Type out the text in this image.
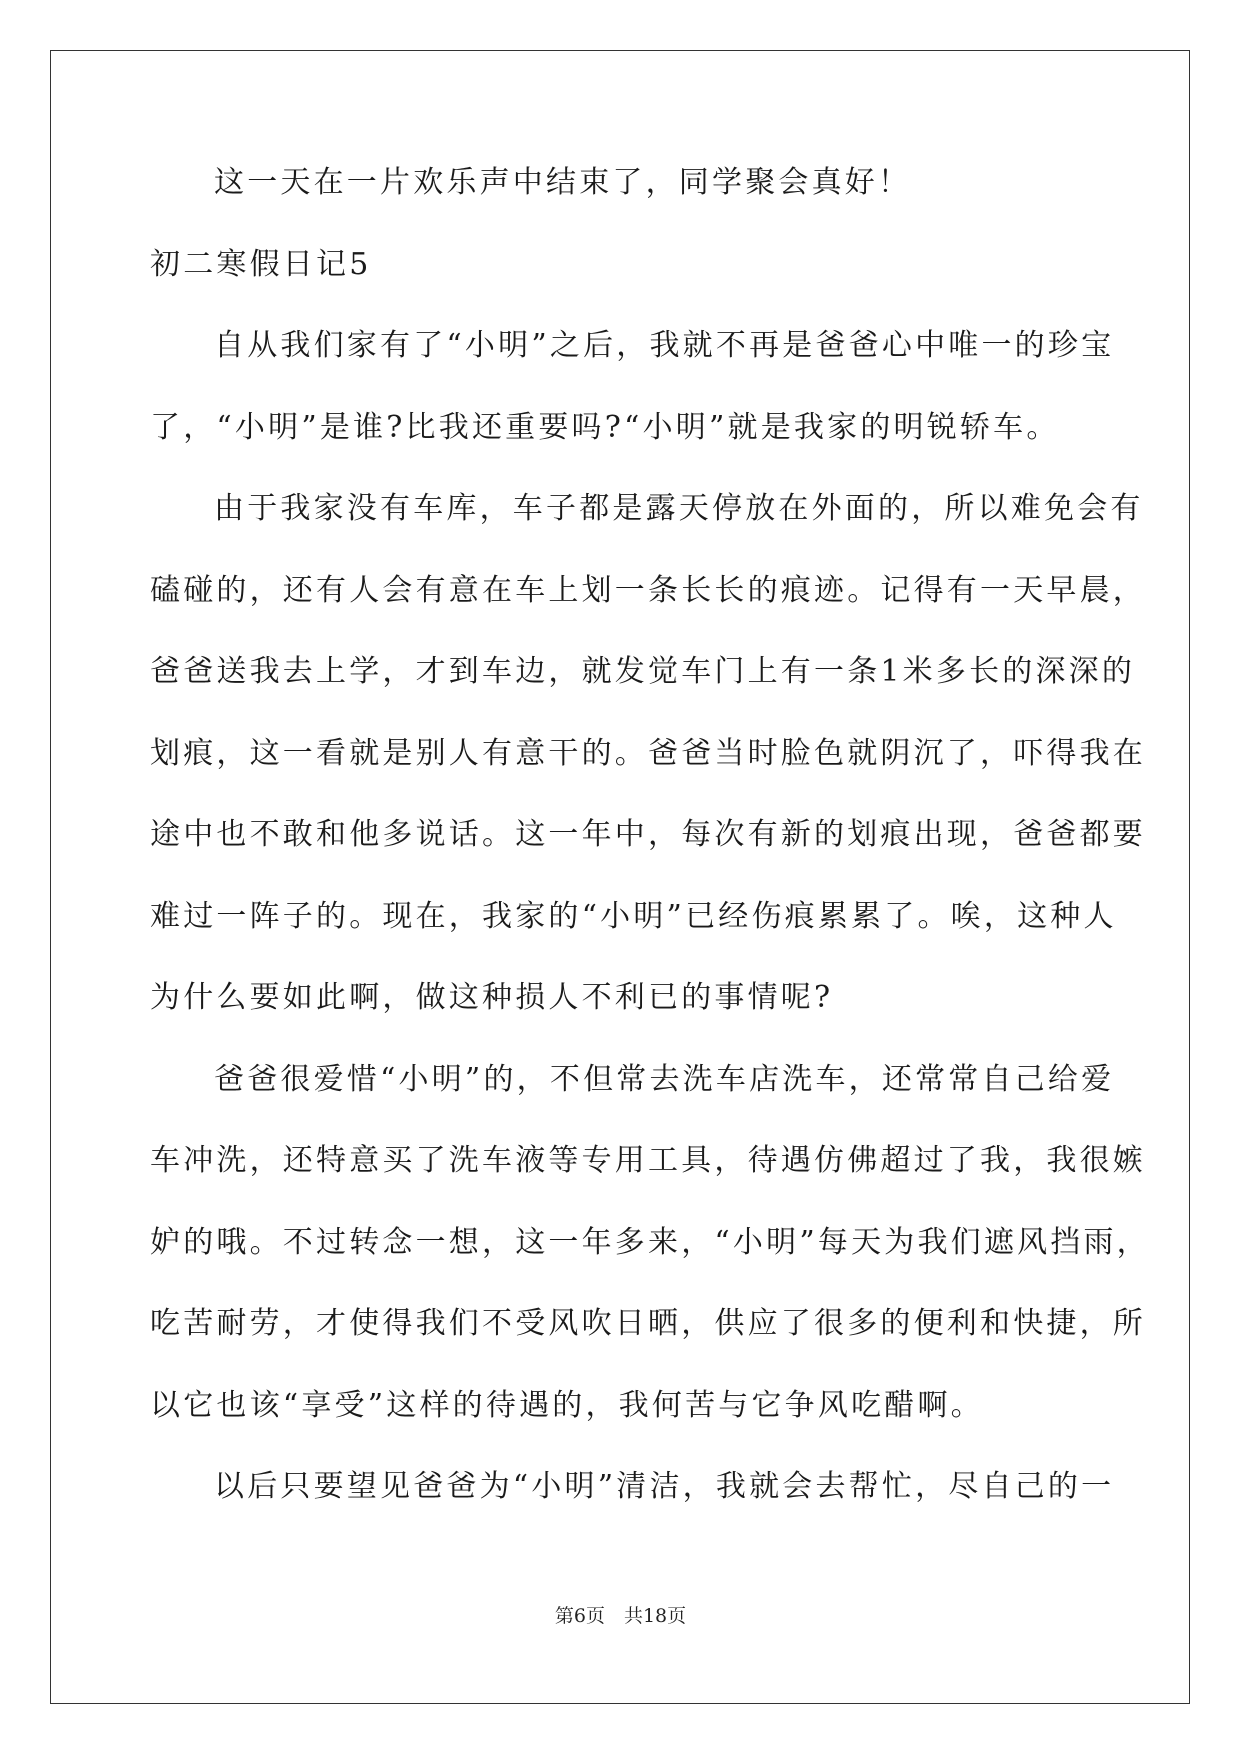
这一天在一片欢乐声中结束了，同学聚会真好！
初二寒假日记5
自从我们家有了“小明”之后，我就不再是爸爸心中唯一的珍宝
了，“小明”是谁?比我还重要吗?“小明”就是我家的明锐轿车。
由于我家没有车库，车子都是露天停放在外面的，所以难免会有
磕碰的，还有人会有意在车上划一条长长的痕迹。记得有一天早晨，
爸爸送我去上学，才到车边，就发觉车门上有一条1米多长的深深的
划痕，这一看就是别人有意干的。爸爸当时脸色就阴沉了，吓得我在
途中也不敢和他多说话。这一年中，每次有新的划痕出现，爸爸都要
难过一阵子的。现在，我家的“小明”已经伤痕累累了。唉，这种人
为什么要如此啊，做这种损人不利已的事情呢?
爸爸很爱惜“小明”的，不但常去洗车店洗车，还常常自己给爱
车冲洗，还特意买了洗车液等专用工具，待遇仿佛超过了我，我很嫉
妒的哦。不过转念一想，这一年多来，“小明”每天为我们遮风挡雨，
吃苦耐劳，才使得我们不受风吹日晒，供应了很多的便利和快捷，所
以它也该“享受”这样的待遇的，我何苦与它争风吃醋啊。
以后只要望见爸爸为“小明”清洁，我就会去帮忙，尽自己的一
第6页　共18页
